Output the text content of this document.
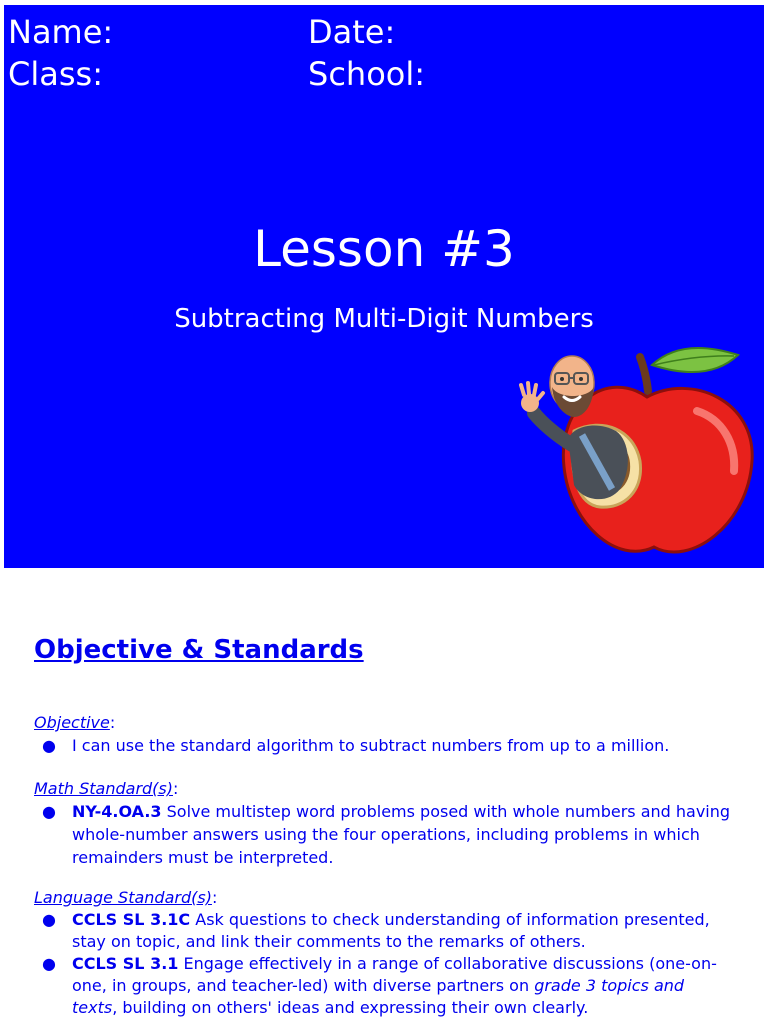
Name:	Date:
Class:	School:
Lesson #3
Subtracting Multi-Digit Numbers
Objective & Standards
Objective:
● I can use the standard algorithm to subtract numbers from up to a million.
Math Standard(s):
● NY-4.OA.3 Solve multistep word problems posed with whole numbers and having whole-number answers using the four operations, including problems in which remainders must be interpreted.
Language Standard(s):
● CCLS SL 3.1C Ask questions to check understanding of information presented, stay on topic, and link their comments to the remarks of others.
● CCLS SL 3.1 Engage effectively in a range of collaborative discussions (one-on-one, in groups, and teacher-led) with diverse partners on grade 3 topics and texts, building on others' ideas and expressing their own clearly.
